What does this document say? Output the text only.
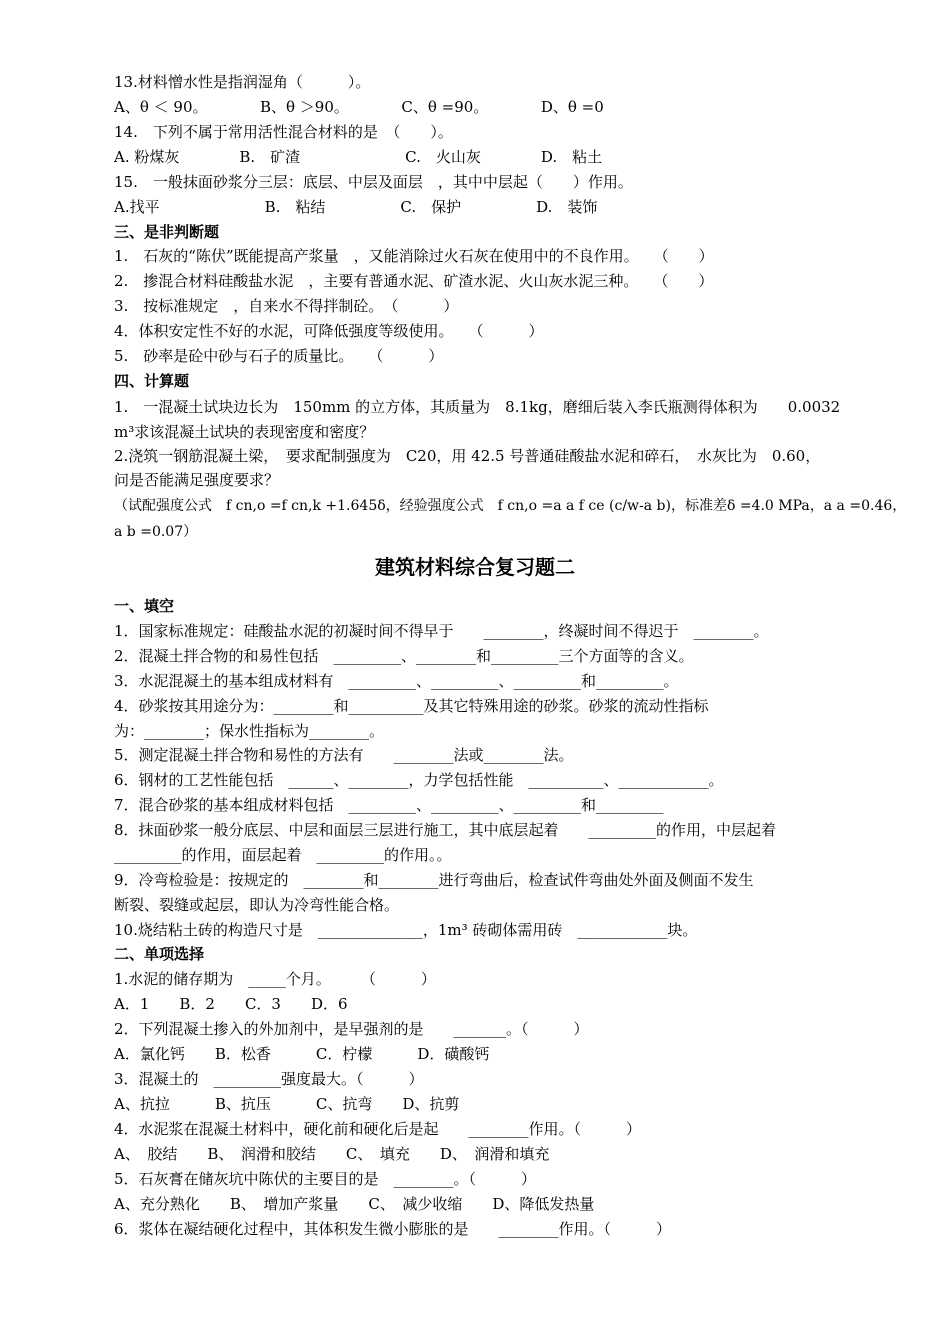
13.材料憎水性是指润湿角（　　　）。
A、θ ＜ 90。　　　　B、θ ＞90。　　　　C、θ =90。　　　　D、θ =0
14.　下列不属于常用活性混合材料的是　（　　）。
A. 粉煤灰　　　　B.　矿渣　　　　　　　C.　火山灰　　　　D.　粘土
15.　一般抹面砂浆分三层：底层、中层及面层　，其中中层起（　　）作用。
A.找平　　　　　　　B.　粘结　　　　　C.　保护　　　　　D.　装饰
三、是非判断题
1.　石灰的“陈伏”既能提高产浆量　，又能消除过火石灰在使用中的不良作用。　　（　　）
2.　掺混合材料硅酸盐水泥　，主要有普通水泥、矿渣水泥、火山灰水泥三种。　　（　　）
3.　按标准规定　，自来水不得拌制砼。　（　　　）
4．体积安定性不好的水泥，可降低强度等级使用。　　（　　　）
5.　砂率是砼中砂与石子的质量比。　　（　　　）
四、计算题
1.　一混凝土试块边长为　150mm 的立方体，其质量为　8.1kg，磨细后装入李氏瓶测得体积为　　0.0032
m³求该混凝土试块的表现密度和密度？
2.浇筑一钢筋混凝土梁，　要求配制强度为　C20，用 42.5 号普通硅酸盐水泥和碎石，　水灰比为　0.60，
问是否能满足强度要求？
（试配强度公式　f cn,o =f cn,k +1.645δ，经验强度公式　f cn,o =a a f ce (c/w-a b)，标准差δ =4.0 MPa，a a =0.46，
a b =0.07）
建筑材料综合复习题二
一、填空
1．国家标准规定：硅酸盐水泥的初凝时间不得早于　　________，终凝时间不得迟于　________。
2．混凝土拌合物的和易性包括　_________、________和_________三个方面等的含义。
3．水泥混凝土的基本组成材料有　_________、_________、_________和_________。
4．砂浆按其用途分为：________和__________及其它特殊用途的砂浆。砂浆的流动性指标
为：________；保水性指标为________。
5．测定混凝土拌合物和易性的方法有　　________法或________法。
6．钢材的工艺性能包括　______、________，力学包括性能　__________、____________。
7．混合砂浆的基本组成材料包括　_________、_________、_________和_________
8．抹面砂浆一般分底层、中层和面层三层进行施工，其中底层起着　　_________的作用，中层起着
_________的作用，面层起着　_________的作用。。
9．冷弯检验是：按规定的　________和________进行弯曲后，检查试件弯曲处外面及侧面不发生
断裂、裂缝或起层，即认为冷弯性能合格。
10.烧结粘土砖的构造尺寸是　______________，1m³ 砖砌体需用砖　____________块。
二、单项选择
1.水泥的储存期为　_____个月。　　　（　　　）
A．1　　B．2　　C．3　　D．6
2．下列混凝土掺入的外加剂中，是早强剂的是　　_______。（　　　）
A．氯化钙　　B．松香　　　C．柠檬　　　D．磺酸钙
3．混凝土的　_________强度最大。（　　　）
A、抗拉　　　B、抗压　　　C、抗弯　　D、抗剪
4．水泥浆在混凝土材料中，硬化前和硬化后是起　　________作用。（　　　）
A、　胶结　　B、　润滑和胶结　　C、　填充　　D、　润滑和填充
5．石灰膏在储灰坑中陈伏的主要目的是　________。（　　　）
A、充分熟化　　B、　增加产浆量　　C、　减少收缩　　D、降低发热量
6．浆体在凝结硬化过程中，其体积发生微小膨胀的是　　________作用。（　　　）
